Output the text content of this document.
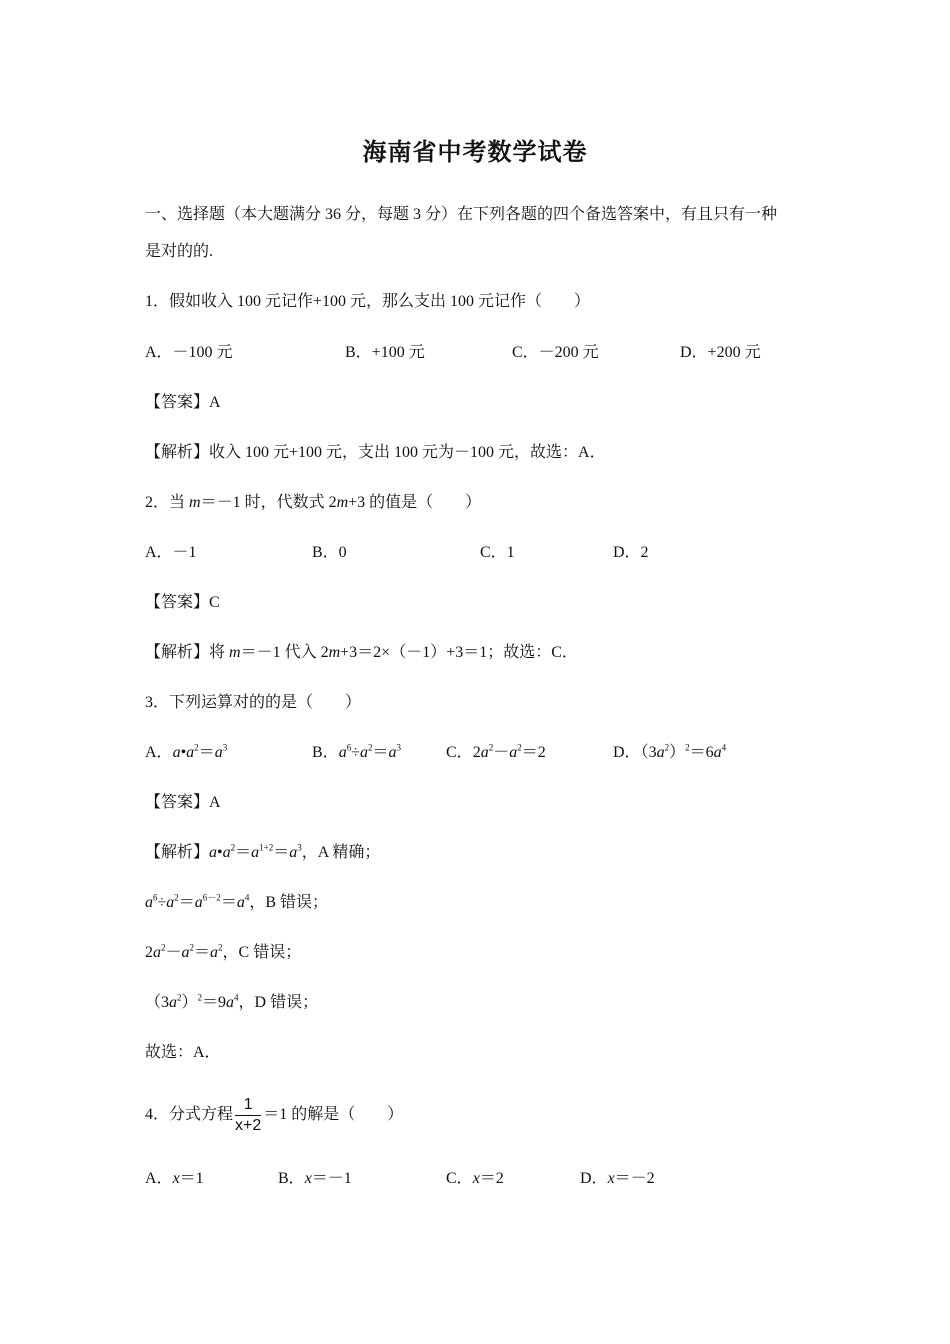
海南省中考数学试卷
一、选择题（本大题满分 36 分，每题 3 分）在下列各题的四个备选答案中，有且只有一种
是对的的.
1．假如收入 100 元记作+100 元，那么支出 100 元记作（　　）
A．－100 元	B．+100 元	C．－200 元	D．+200 元
【答案】A
【解析】收入 100 元+100 元，支出 100 元为－100 元，故选：A．
2．当 m＝－1 时，代数式 2m+3 的值是（　　）
A．－1	B．0	C．1	D．2
【答案】C
【解析】将 m＝－1 代入 2m+3＝2×（－1）+3＝1；故选：C．
3．下列运算对的的是（　　）
A．$a•a^2=a^3$	B．$a^6\div a^2=a^3$	C．$2a^2-a^2=2$	D．$(3a^2)^2=6a^4$
【答案】A
【解析】$a•a^2=a^{1+2}=a^3$，A 精确；
$a^6\div a^2=a^{6-2}=a^4$，B 错误；
$2a^2-a^2=a^2$，C 错误；
$(3a^2)^2=9a^4$，D 错误；
故选：A．
4．分式方程 $\frac{1}{x+2} =1$ 的解是（　　）
A．x＝1	B．x＝－1	C．x＝2	D．x＝－2
